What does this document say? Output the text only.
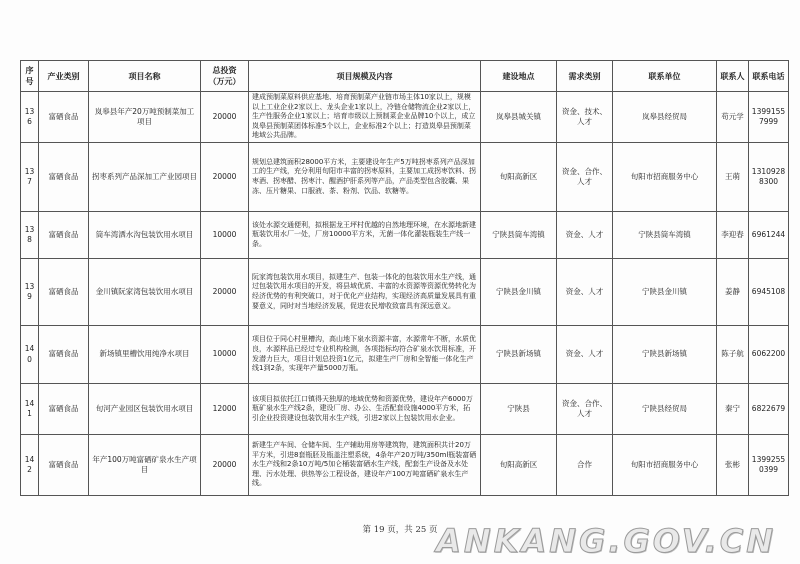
序号	产业类别	项目名称	总投资
（万元）	项目规模及内容	建设地点	需求类别	联系单位	联系人	联系电话
136	富硒食品	岚皋县年产20万吨预制菜加工项目	20000	建成预制菜原料供应基地、培育预制菜产业链市场主体10家以上，规模以上工业企业2家以上、龙头企业1家以上，冷链仓储物流企业2家以上，生产性服务企业1家以上；培育市级以上预制菜企业品牌10个以上，成立岚皋县预制菜团体标准5个以上，企业标准2个以上；打造岚皋县预制菜地域公共品牌。	岚皋县城关镇	资金、技术、人才	岚皋县经贸局	苟元学	13991557999
137	富硒食品	拐枣系列产品深加工产业园项目	20000	规划总建筑面积28000平方米，主要建设年生产5万吨拐枣系列产品深加工的生产线，充分利用旬阳市丰富的拐枣原料，主要加工成拐枣饮料、拐枣酒、拐枣醋、拐枣汁、醒酒护肝系列等产品，产品类型包含胶囊、果冻、压片糖果、口服液、茶、粉剂、饮品、软糖等。	旬阳高新区	资金、合作、人才	旬阳市招商服务中心	王萌	13109288300
138	富硒食品	筒车湾洒水沟包装饮用水项目	10000	该处水源交通便利，拟根据龙王坪村优越的自然地理环境，在水源地新建瓶装饮用水厂一处，厂房10000平方米，无菌一体化灌装瓶装生产线一条。	宁陕县筒车湾镇	资金、人才	宁陕县筒车湾镇	李迎春	6961244
139	富硒食品	金川镇阮家湾包装饮用水项目	20000	阮家湾包装饮用水项目，拟建生产、包装一体化的包装饮用水生产线，通过包装饮用水项目的开发，将县域优质、丰富的水资源等资源优势转化为经济优势的有利突破口，对于优化产业结构，实现经济高质量发展具有重要意义，同时对当地经济发展，促进农民增收致富具有深远意义。	宁陕县金川镇	资金、人才	宁陕县金川镇	姜静	6945108
140	富硒食品	新场镇里槽饮用纯净水项目	10000	项目位于同心村里槽沟，高山地下泉水资源丰富，水源常年不断，水质优良，水源样品已经过专业机构检测，各项指标均符合矿泉水饮用标准，开发潜力巨大，项目计划总投资1亿元，拟建生产厂房和全智能一体化生产线1到2条，实现年产量5000万瓶。	宁陕县新场镇	资金、人才	宁陕县新场镇	陈子航	6062200
141	富硒食品	旬河产业园区包装饮用水项目	12000	该项目拟依托江口镇得天独厚的地域优势和资源优势，建设年产6000万瓶矿泉水生产线2条，建设厂房、办公、生活配套设施4000平方米，拓引企业投资建设包装饮用水生产线，引进2家以上包装饮用水企业。	宁陕县	资金、合作、人才	宁陕县经贸局	秦宁	6822679
142	富硒食品	年产100万吨富硒矿泉水生产项目	20000	新建生产车间、仓储车间、生产辅助用房等建筑物，建筑面积共计20万平方米，引进8套瓶胚及瓶盖注塑系统，4条年产20万吨/350ml瓶装富硒水生产线和2条10万吨/5加仑桶装富硒水生产线，配套生产设备及水处理、污水处理、供热等公工程设备，建设年产100万吨富硒矿泉水生产线。	旬阳高新区	合作	旬阳市招商服务中心	张彬	13992550399
第 19 页，共 25 页
ANKANG.GOV.CN
